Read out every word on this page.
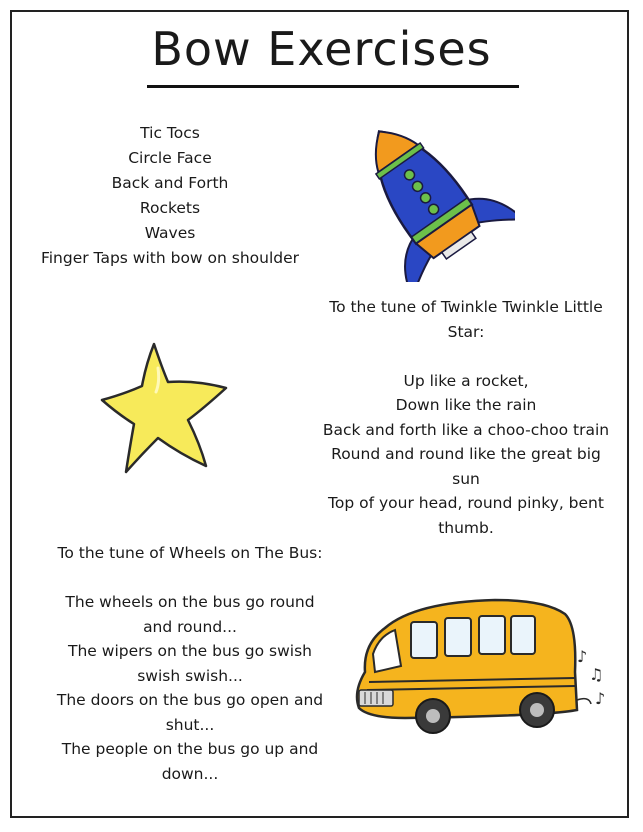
Bow Exercises
Tic Tocs
Circle Face
Back and Forth
Rockets
Waves
Finger Taps with bow on shoulder
To the tune of Twinkle Twinkle Little
Star:
Up like a rocket,
Down like the rain
Back and forth like a choo-choo train
Round and round like the great big
sun
Top of your head, round pinky, bent
thumb.
To the tune of Wheels on The Bus:
The wheels on the bus go round
and round...
The wipers on the bus go swish
swish swish...
The doors on the bus go open and
shut...
The people on the bus go up and
down...
♪
♫
♪
